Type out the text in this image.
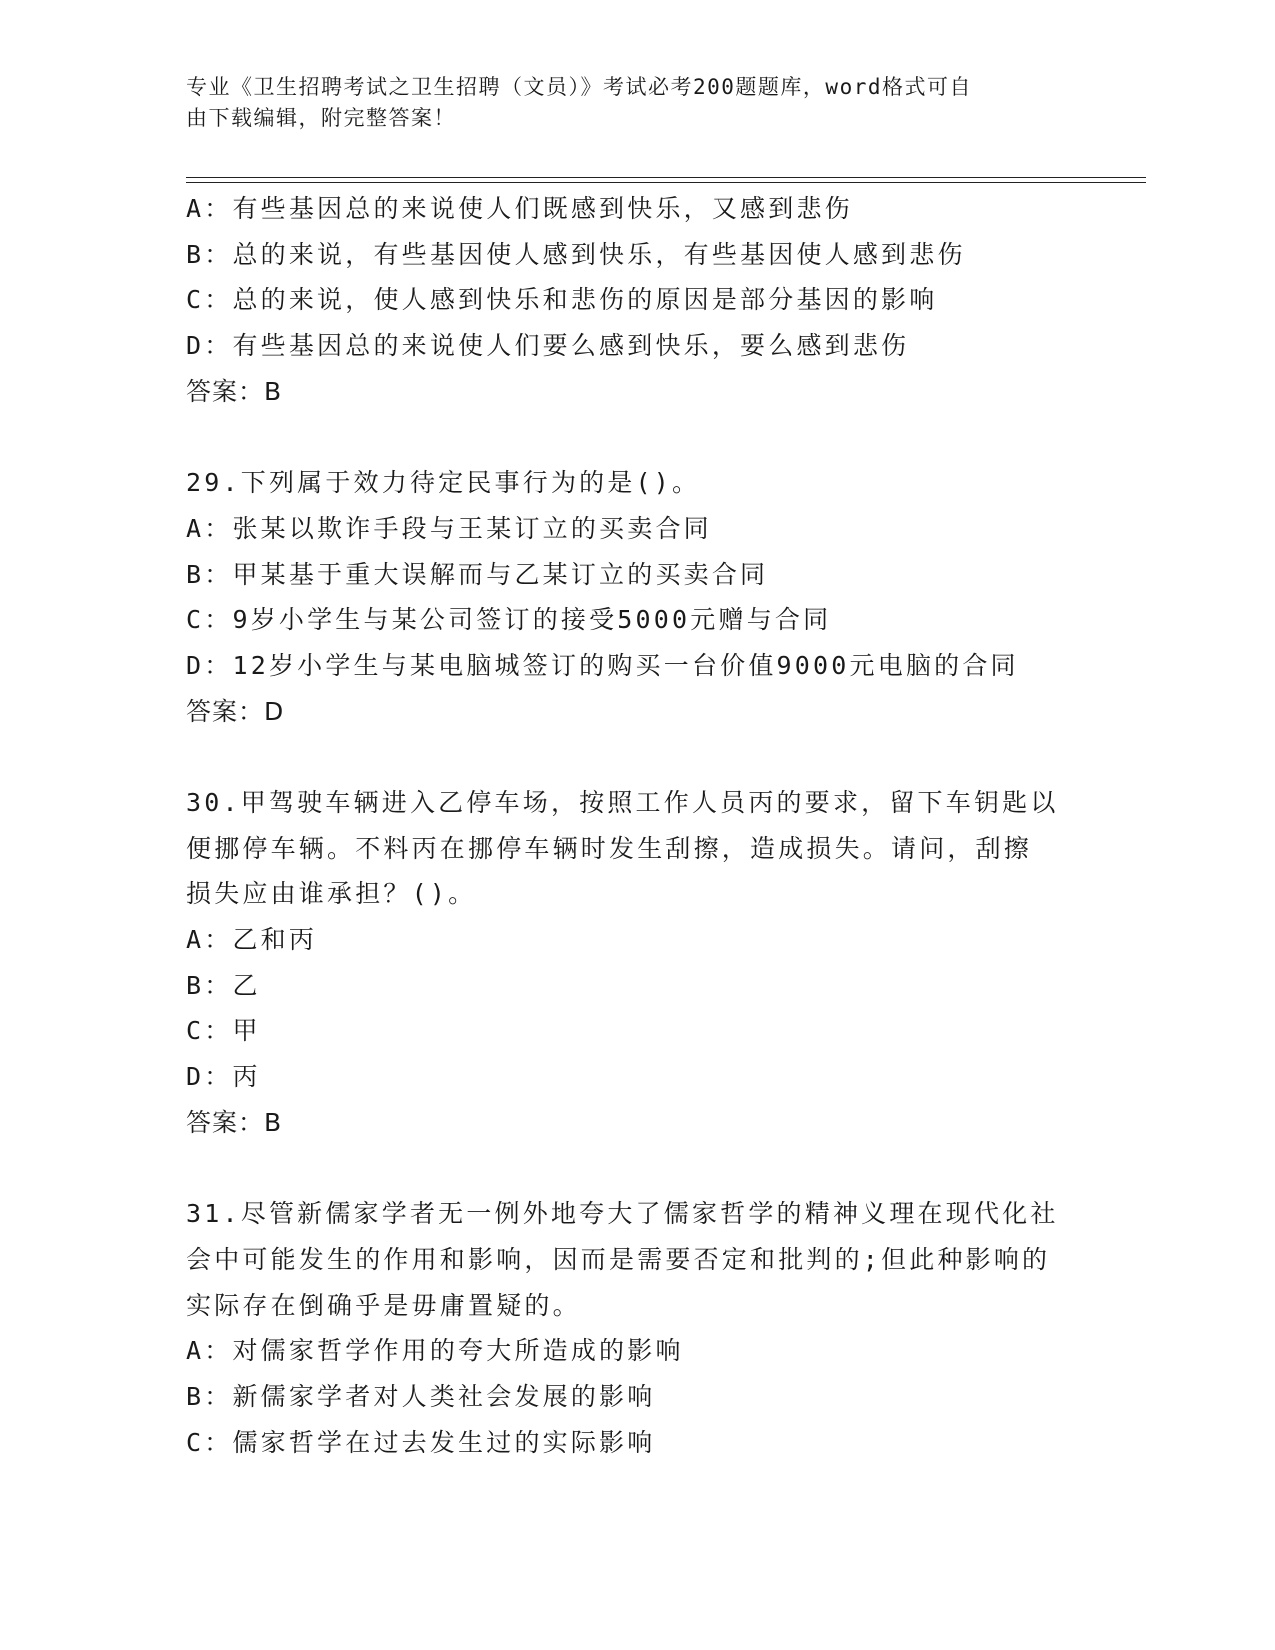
专业《卫生招聘考试之卫生招聘（文员）》考试必考200题题库，word格式可自
由下载编辑，附完整答案！
A：有些基因总的来说使人们既感到快乐，又感到悲伤
B：总的来说，有些基因使人感到快乐，有些基因使人感到悲伤
C：总的来说，使人感到快乐和悲伤的原因是部分基因的影响
D：有些基因总的来说使人们要么感到快乐，要么感到悲伤
答案：B
29.下列属于效力待定民事行为的是()。
A：张某以欺诈手段与王某订立的买卖合同
B：甲某基于重大误解而与乙某订立的买卖合同
C：9岁小学生与某公司签订的接受5000元赠与合同
D：12岁小学生与某电脑城签订的购买一台价值9000元电脑的合同
答案：D
30.甲驾驶车辆进入乙停车场，按照工作人员丙的要求，留下车钥匙以
便挪停车辆。不料丙在挪停车辆时发生刮擦，造成损失。请问，刮擦
损失应由谁承担？()。
A：乙和丙
B：乙
C：甲
D：丙
答案：B
31.尽管新儒家学者无一例外地夸大了儒家哲学的精神义理在现代化社
会中可能发生的作用和影响，因而是需要否定和批判的;但此种影响的
实际存在倒确乎是毋庸置疑的。
A：对儒家哲学作用的夸大所造成的影响
B：新儒家学者对人类社会发展的影响
C：儒家哲学在过去发生过的实际影响
